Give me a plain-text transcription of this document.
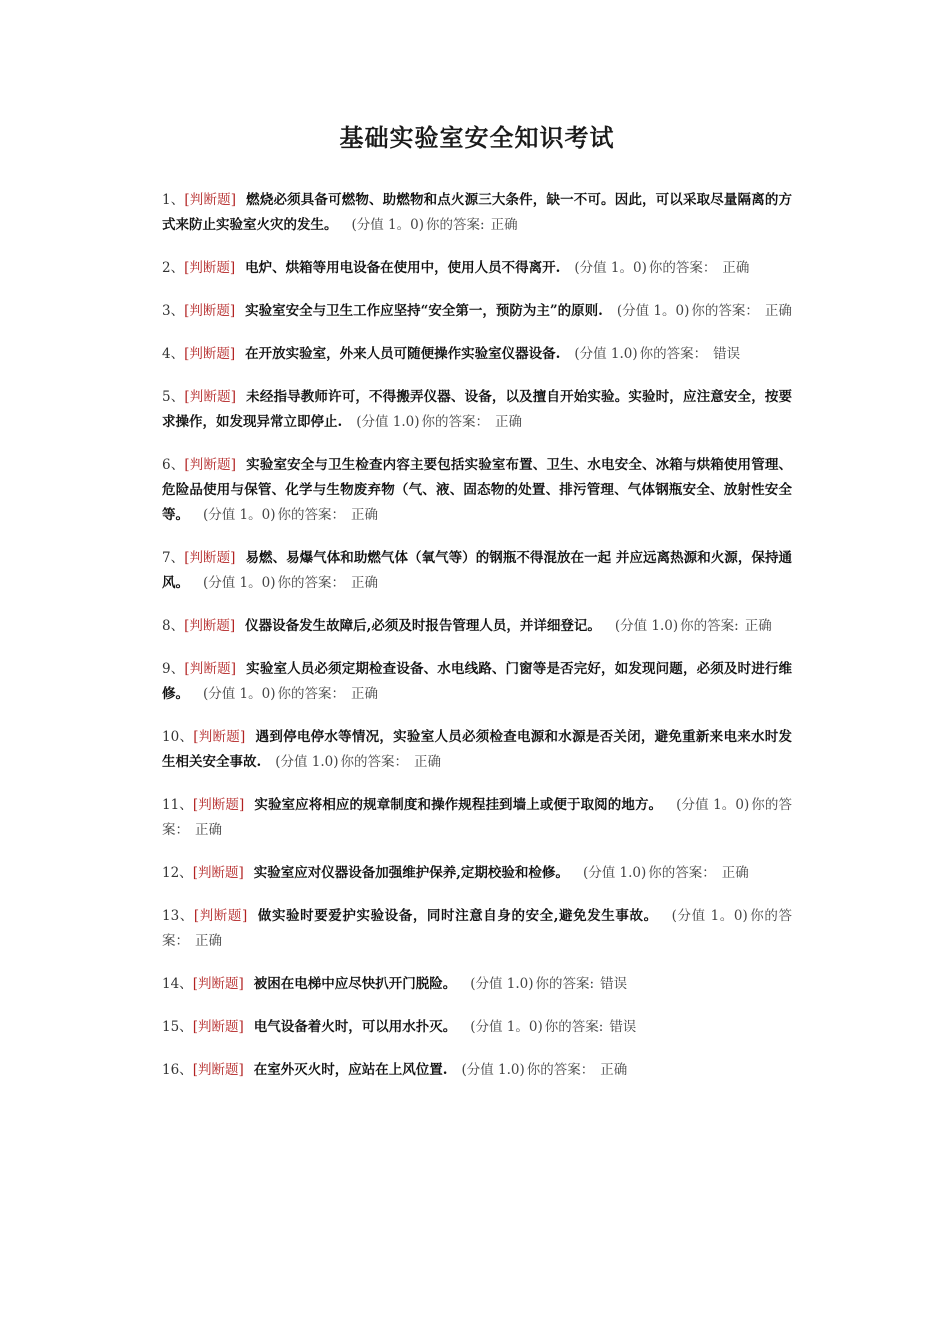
基础实验室安全知识考试
1、[判断题] 燃烧必须具备可燃物、助燃物和点火源三大条件，缺一不可。因此，可以采取尽量隔离的方式来防止实验室火灾的发生。 (分值 1。0) 你的答案: 正确
2、[判断题] 电炉、烘箱等用电设备在使用中，使用人员不得离开. (分值 1。0) 你的答案： 正确
3、[判断题] 实验室安全与卫生工作应坚持“安全第一，预防为主”的原则. (分值 1。0) 你的答案： 正确
4、[判断题] 在开放实验室，外来人员可随便操作实验室仪器设备. (分值 1.0) 你的答案： 错误
5、[判断题] 未经指导教师许可，不得搬弄仪器、设备，以及擅自开始实验。实验时，应注意安全，按要求操作，如发现异常立即停止. (分值 1.0) 你的答案： 正确
6、[判断题] 实验室安全与卫生检查内容主要包括实验室布置、卫生、水电安全、冰箱与烘箱使用管理、危险品使用与保管、化学与生物废弃物（气、液、固态物的处置、排污管理、气体钢瓶安全、放射性安全等。 (分值 1。0) 你的答案： 正确
7、[判断题] 易燃、易爆气体和助燃气体（氧气等）的钢瓶不得混放在一起 并应远离热源和火源，保持通风。 (分值 1。0) 你的答案： 正确
8、[判断题] 仪器设备发生故障后,必须及时报告管理人员，并详细登记。 (分值 1.0) 你的答案: 正确
9、[判断题] 实验室人员必须定期检查设备、水电线路、门窗等是否完好，如发现问题，必须及时进行维修。 (分值 1。0) 你的答案： 正确
10、[判断题] 遇到停电停水等情况，实验室人员必须检查电源和水源是否关闭，避免重新来电来水时发生相关安全事故. (分值 1.0) 你的答案： 正确
11、[判断题] 实验室应将相应的规章制度和操作规程挂到墙上或便于取阅的地方。 (分值 1。0) 你的答案： 正确
12、[判断题] 实验室应对仪器设备加强维护保养,定期校验和检修。 (分值 1.0) 你的答案： 正确
13、[判断题] 做实验时要爱护实验设备，同时注意自身的安全,避免发生事故。 (分值 1。0) 你的答案： 正确
14、[判断题] 被困在电梯中应尽快扒开门脱险。 (分值 1.0) 你的答案: 错误
15、[判断题] 电气设备着火时，可以用水扑灭。 (分值 1。0) 你的答案: 错误
16、[判断题] 在室外灭火时，应站在上风位置. (分值 1.0) 你的答案： 正确
